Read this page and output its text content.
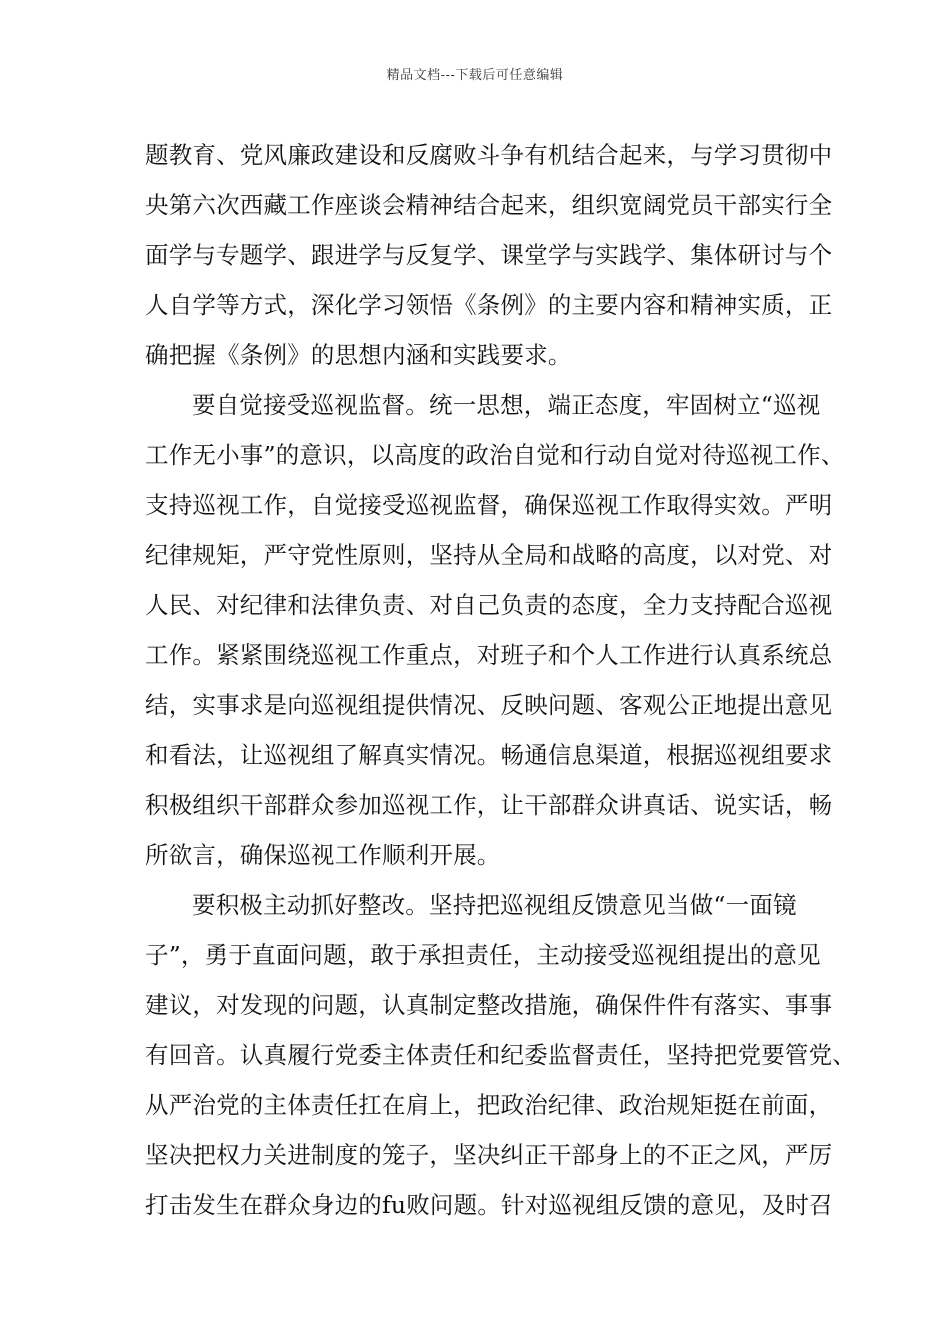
精品文档---下载后可任意编辑
题教育、党风廉政建设和反腐败斗争有机结合起来，与学习贯彻中
央第六次西藏工作座谈会精神结合起来，组织宽阔党员干部实行全
面学与专题学、跟进学与反复学、课堂学与实践学、集体研讨与个
人自学等方式，深化学习领悟《条例》的主要内容和精神实质，正
确把握《条例》的思想内涵和实践要求。
要自觉接受巡视监督。统一思想，端正态度，牢固树立“巡视
工作无小事”的意识，以高度的政治自觉和行动自觉对待巡视工作、
支持巡视工作，自觉接受巡视监督，确保巡视工作取得实效。严明
纪律规矩，严守党性原则，坚持从全局和战略的高度，以对党、对
人民、对纪律和法律负责、对自己负责的态度，全力支持配合巡视
工作。紧紧围绕巡视工作重点，对班子和个人工作进行认真系统总
结，实事求是向巡视组提供情况、反映问题、客观公正地提出意见
和看法，让巡视组了解真实情况。畅通信息渠道，根据巡视组要求
积极组织干部群众参加巡视工作，让干部群众讲真话、说实话，畅
所欲言，确保巡视工作顺利开展。
要积极主动抓好整改。坚持把巡视组反馈意见当做“一面镜
子”，勇于直面问题，敢于承担责任，主动接受巡视组提出的意见
建议，对发现的问题，认真制定整改措施，确保件件有落实、事事
有回音。认真履行党委主体责任和纪委监督责任，坚持把党要管党、
从严治党的主体责任扛在肩上，把政治纪律、政治规矩挺在前面，
坚决把权力关进制度的笼子，坚决纠正干部身上的不正之风，严厉
打击发生在群众身边的fu败问题。针对巡视组反馈的意见，及时召
